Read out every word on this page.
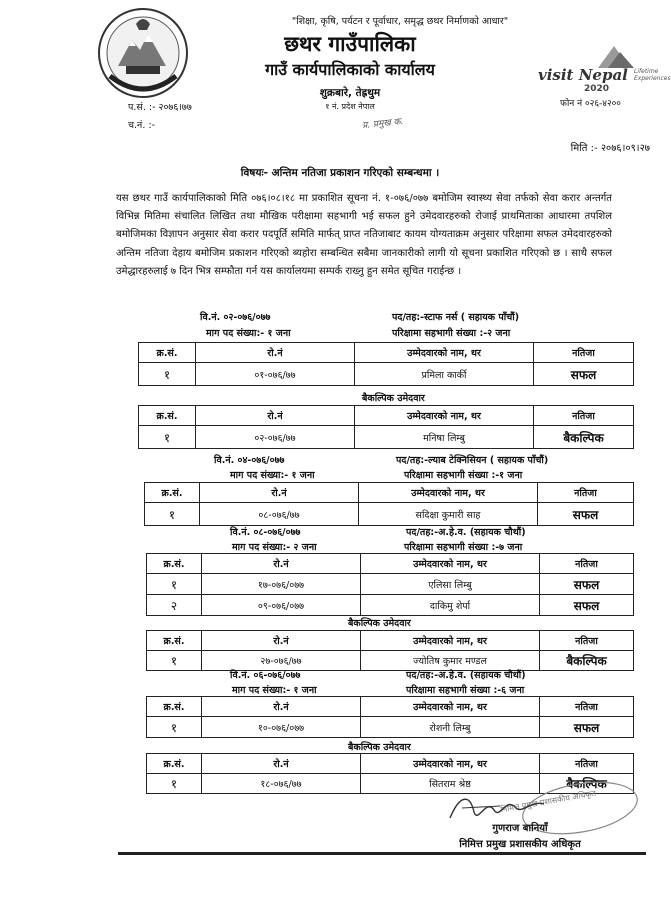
"शिक्षा, कृषि, पर्यटन र पूर्वाधार, समृद्ध छथर निर्माणको आधार"
छथर गाउँपालिका
गाउँ कार्यपालिकाको कार्यालय
शुक्रबारे, तेह्रथुम
१ नं. प्रदेश नेपाल
visit Nepal
2020
Lifetime Experiences
फोन नं ०२६-४२००
प.सं. :- २०७६।७७
च.नं. :-	प्र. प्रमुख क.
मिति :- २०७६।०९।२७
विषयः- अन्तिम नतिजा प्रकाशन गरिएको सम्बन्धमा ।
यस छथर गाउँ कार्यपालिकाको मिति ०७६।०८।१८ मा प्रकाशित सूचना नं. १-०७६/०७७ बमोजिम स्वास्थ्य सेवा तर्फको सेवा करार अन्तर्गत विभिन्न मितिमा संचालित लिखित तथा मौखिक परीक्षामा सहभागी भई सफल हुने उमेदवारहरुको रोजाई प्राथमिताका आधारमा तपशिल बमोजिमका विज्ञापन अनुसार सेवा करार पदपूर्ति समिति मार्फत् प्राप्त नतिजाबाट कायम योग्यताक्रम अनुसार परिक्षामा सफल उमेदवारहरुको अन्तिम नतिजा देहाय बमोजिम प्रकाशन गरिएको ब्यहोरा सम्बन्धित सबैमा जानकारीको लागी यो सूचना प्रकाशित गरिएको छ । साथै सफल उमेद्धारहरुलाई ७ दिन भित्र सम्फौता गर्न यस कार्यालयमा सम्पर्क राख्नु हुन समेत सूचित गराईन्छ ।
वि.नं. ०२-०७६/०७७	पद/तह:-स्टाफ नर्स ( सहायक पाँचौं)
माग पद संख्या:- १ जना	परिक्षामा सहभागी संख्या :-२ जना
क्र.सं.	रो.नं	उम्मेदवारको नाम, थर	नतिजा
१	०१-०७६/७७	प्रमिला कार्की	सफल
बैकल्पिक उमेदवार
क्र.सं.	रो.नं	उम्मेदवारको नाम, थर	नतिजा
१	०२-०७६/७७	मनिषा लिम्बु	बैकल्पिक
वि.नं. ०४-०७६/०७७	पद/तह:-ल्याब टेक्निसियन ( सहायक पाँचौं)
माग पद संख्या:- १ जना	परिक्षामा सहभागी संख्या :-१ जना
क्र.सं.	रो.नं	उम्मेदवारको नाम, थर	नतिजा
१	०८-०७६/७७	सदिक्षा कुमारी साह	सफल
वि.नं. ०८-०७६/०७७	पद/तह:-अ.हे.व. (सहायक चौथौं)
माग पद संख्या:- २ जना	परिक्षामा सहभागी संख्या :-७ जना
क्र.सं.	रो.नं	उम्मेदवारको नाम, थर	नतिजा
१	१७-०७६/०७७	एलिसा लिम्बु	सफल
२	०९-०७६/०७७	दाकिमु शेर्पा	सफल
बैकल्पिक उमेदवार
क्र.सं.	रो.नं	उम्मेदवारको नाम, थर	नतिजा
१	२७-०७६/७७	ज्योतिष कुमार मण्डल	बैकल्पिक
वि.नं. ०६-०७६/०७७	पद/तह:-अ.हे.व. (सहायक चौथौं)
माग पद संख्या:- १ जना	परिक्षामा सहभागी संख्या :-६ जना
क्र.सं.	रो.नं	उम्मेदवारको नाम, थर	नतिजा
१	१०-०७६/०७७	रोशनी लिम्बु	सफल
बैकल्पिक उमेदवार
क्र.सं.	रो.नं	उम्मेदवारको नाम, थर	नतिजा
१	१८-०७६/७७	सितराम श्रेष्ठ	बैकल्पिक
निमित्त प्रमुख प्रशासकीय अधिकृत
गुणराज बानियाँ
निमित्त प्रमुख प्रशासकीय अधिकृत
